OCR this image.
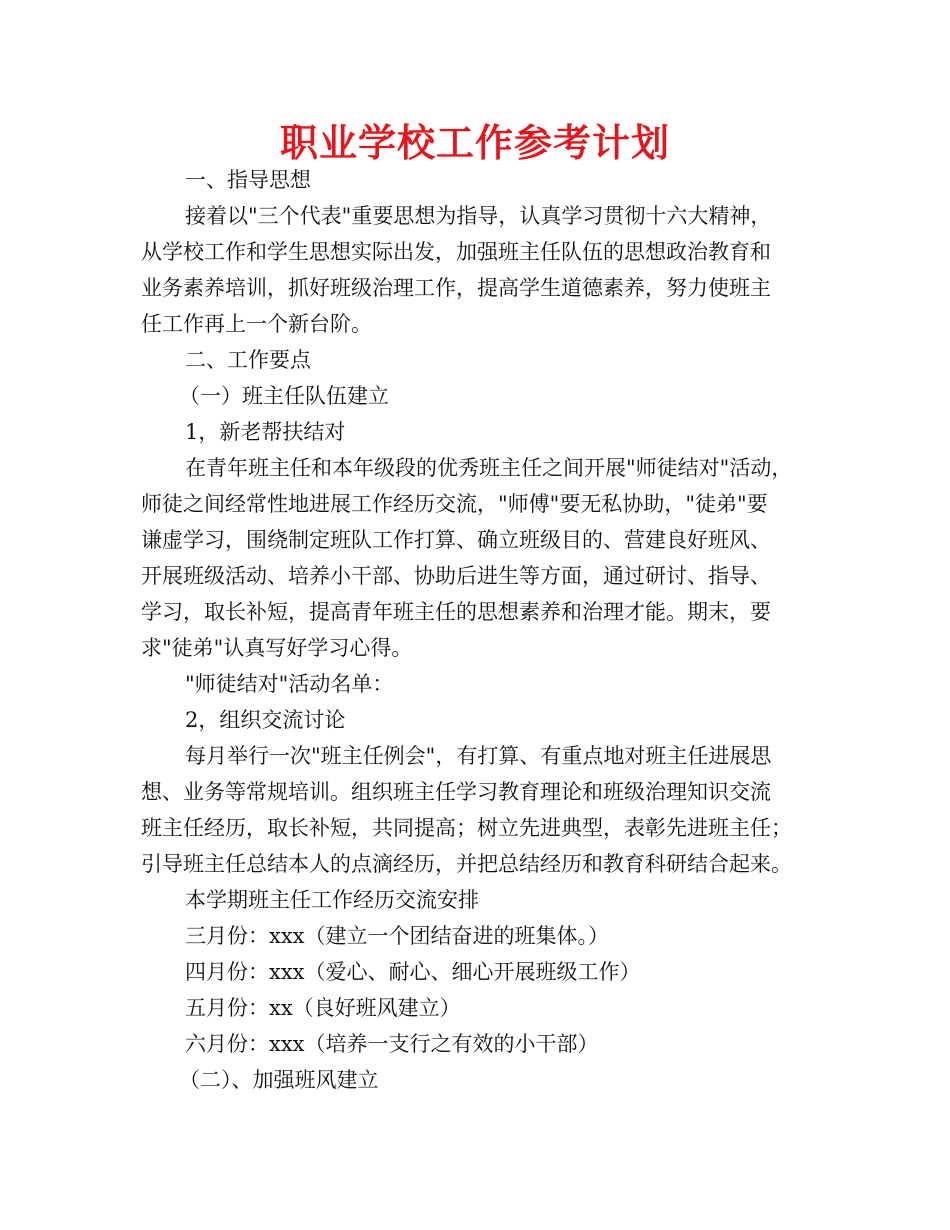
职业学校工作参考计划
一、指导思想
接着以"三个代表"重要思想为指导，认真学习贯彻十六大精神，
从学校工作和学生思想实际出发，加强班主任队伍的思想政治教育和
业务素养培训，抓好班级治理工作，提高学生道德素养，努力使班主
任工作再上一个新台阶。
二、工作要点
（一）班主任队伍建立
1，新老帮扶结对
在青年班主任和本年级段的优秀班主任之间开展"师徒结对"活动，
师徒之间经常性地进展工作经历交流，"师傅"要无私协助，"徒弟"要
谦虚学习，围绕制定班队工作打算、确立班级目的、营建良好班风、
开展班级活动、培养小干部、协助后进生等方面，通过研讨、指导、
学习，取长补短，提高青年班主任的思想素养和治理才能。期末，要
求"徒弟"认真写好学习心得。
"师徒结对"活动名单：
2，组织交流讨论
每月举行一次"班主任例会"，有打算、有重点地对班主任进展思
想、业务等常规培训。组织班主任学习教育理论和班级治理知识交流
班主任经历，取长补短，共同提高；树立先进典型，表彰先进班主任；
引导班主任总结本人的点滴经历，并把总结经历和教育科研结合起来。
本学期班主任工作经历交流安排
三月份：xxx（建立一个团结奋进的班集体。）
四月份：xxx（爱心、耐心、细心开展班级工作）
五月份：xx（良好班风建立）
六月份：xxx（培养一支行之有效的小干部）
（二）、加强班风建立
